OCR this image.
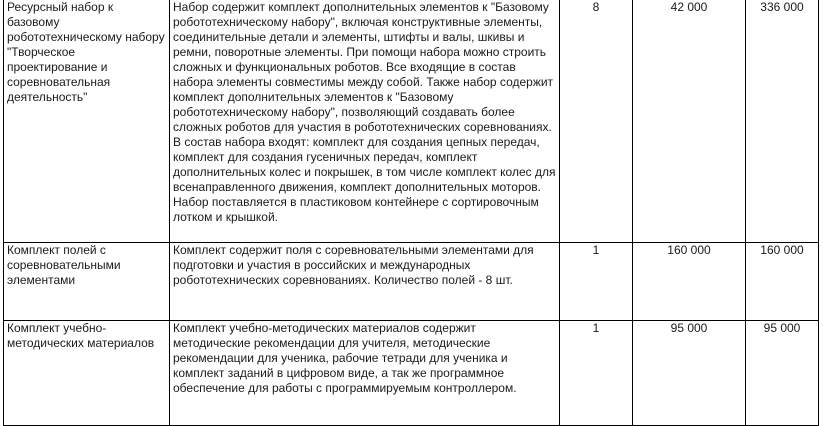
Ресурсный набор к базовому робототехническому набору "Творческое проектирование и соревновательная деятельность"	Набор содержит комплект дополнительных элементов к "Базовому робототехническому набору", включая конструктивные элементы, соединительные детали и элементы, штифты и валы, шкивы и ремни, поворотные элементы. При помощи набора можно строить сложных и функциональных роботов. Все входящие в состав набора элементы совместимы между собой. Также набор содержит комплект дополнительных элементов к "Базовому робототехническому набору", позволяющий создавать более сложных роботов для участия в робототехнических соревнованиях. В состав набора входят: комплект для создания цепных передач, комплект для создания гусеничных передач, комплект дополнительных колес и покрышек, в том числе комплект колес для всенаправленного движения, комплект дополнительных моторов. Набор поставляется в пластиковом контейнере с сортировочным лотком и крышкой.	8	42 000	336 000
Комплект полей с соревновательными элементами	Комплект содержит поля с соревновательными элементами для подготовки и участия в российских и международных робототехнических соревнованиях. Количество полей - 8 шт.	1	160 000	160 000
Комплект учебно-методических материалов	Комплект учебно-методических материалов содержит методические рекомендации для учителя, методические рекомендации для ученика, рабочие тетради для ученика и комплект заданий в цифровом виде, а так же программное обеспечение для работы с программируемым контроллером.	1	95 000	95 000
